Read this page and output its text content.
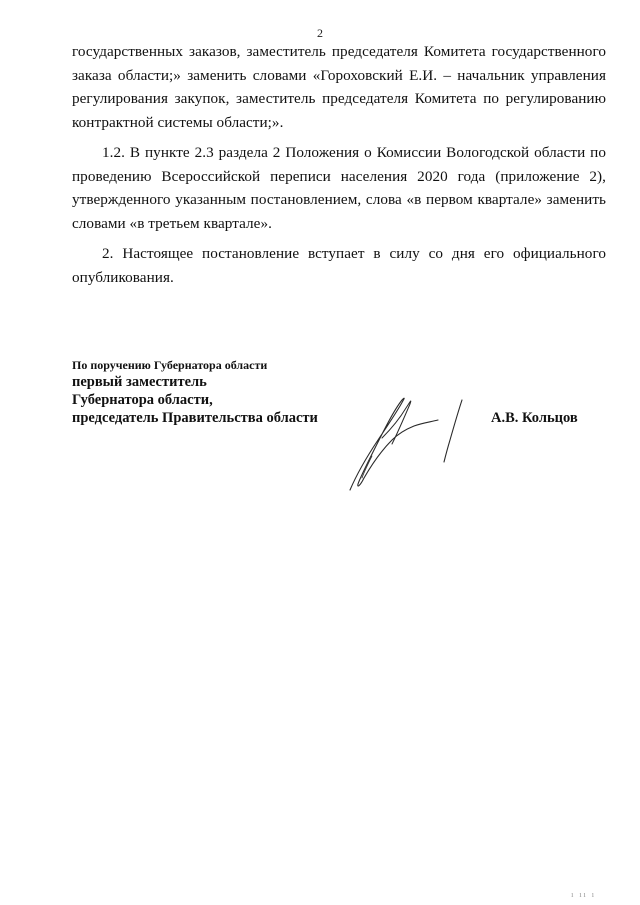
2

государственных заказов, заместитель председателя Комитета государственного заказа области;» заменить словами «Гороховский Е.И. – начальник управления регулирования закупок, заместитель председателя Комитета по регулированию контрактной системы области;».

1.2. В пункте 2.3 раздела 2 Положения о Комиссии Вологодской области по проведению Всероссийской переписи населения 2020 года (приложение 2), утвержденного указанным постановлением, слова «в первом квартале» заменить словами «в третьем квартале».

2. Настоящее постановление вступает в силу со дня его официального опубликования.

По поручению Губернатора области
первый заместитель
Губернатора области,
председатель Правительства области	А.В. Кольцов
ı ıı ı
